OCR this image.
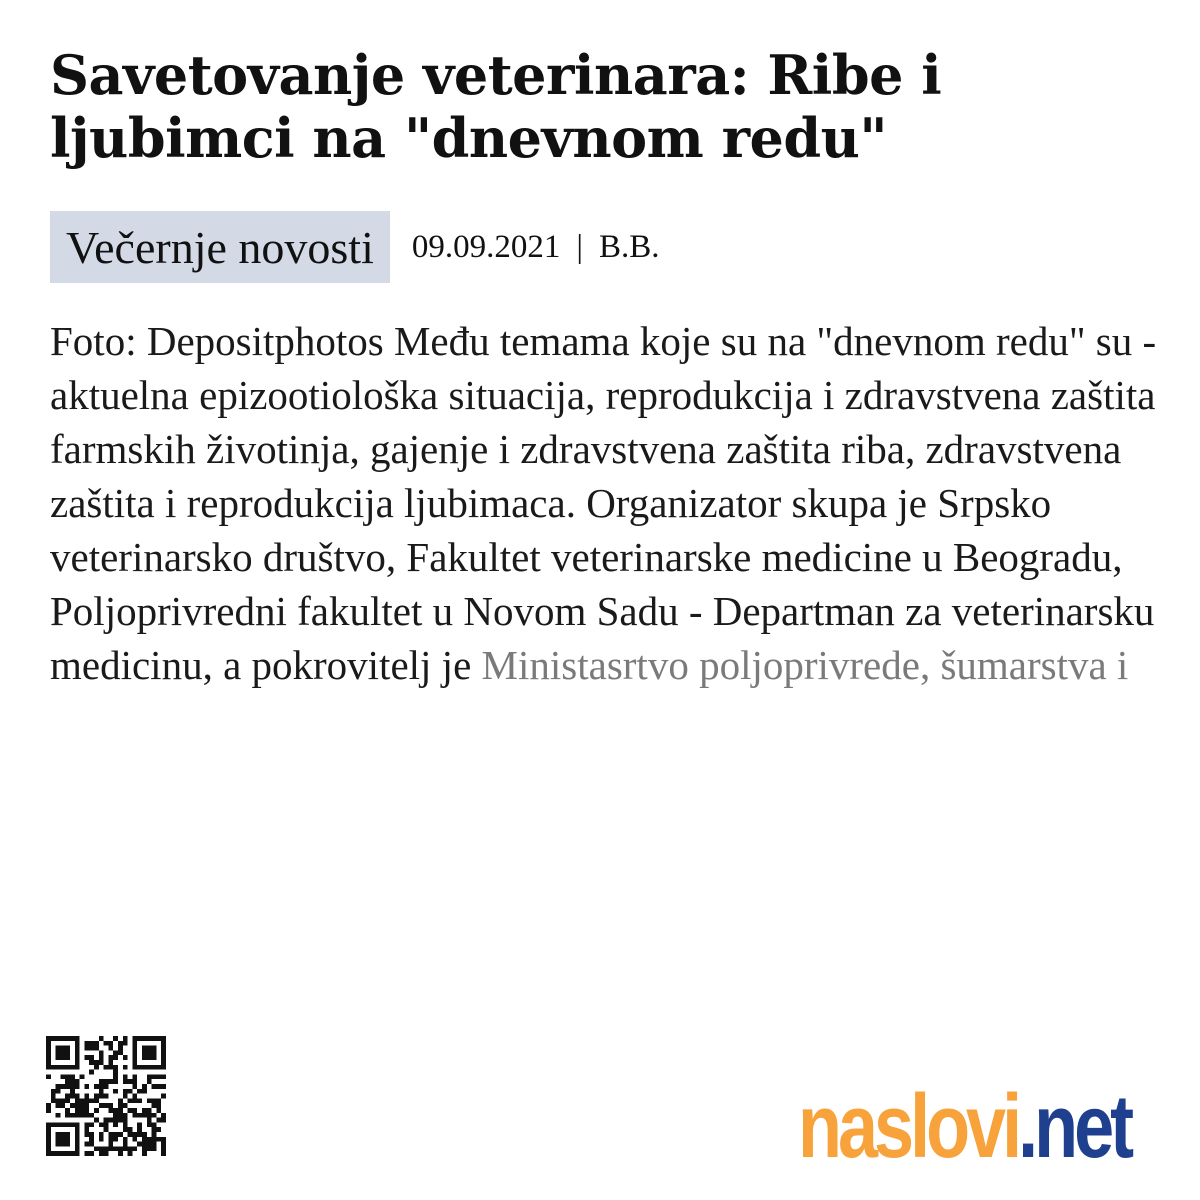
Savetovanje veterinara: Ribe i ljubimci na "dnevnom redu"
Večernje novosti	09.09.2021 | B.B.

Foto: Depositphotos Među temama koje su na "dnevnom redu" su - aktuelna epizootiološka situacija, reprodukcija i zdravstvena zaštita farmskih životinja, gajenje i zdravstvena zaštita riba, zdravstvena zaštita i reprodukcija ljubimaca. Organizator skupa je Srpsko veterinarsko društvo, Fakultet veterinarske medicine u Beogradu, Poljoprivredni fakultet u Novom Sadu - Departman za veterinarsku medicinu, a pokrovitelj je Ministasrtvo poljoprivrede, šumarstva i

naslovi .net
